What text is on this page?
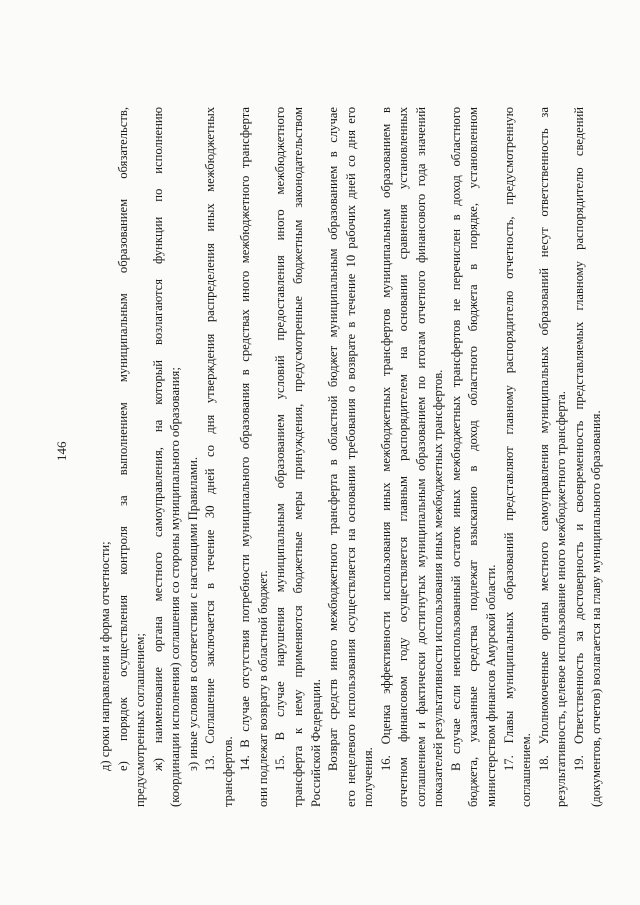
146
д) сроки направления и форма отчетности; е) порядок осуществления контроля за выполнением муниципальным образованием обязательств, предусмотренных соглашением; ж) наименование органа местного самоуправления, на который возлагаются функции по исполнению (координации исполнения) соглашения со стороны муниципального образования; з) иные условия в соответствии с настоящими Правилами. 13. Соглашение заключается в течение 30 дней со дня утверждения распределения иных межбюджетных
трансфертов.
14. В случае отсутствия потребности муниципального образования в средствах иного межбюджетного трансферта они подлежат возврату в областной бюджет. 15. В случае нарушения муниципальным образованием условий предоставления иного межбюджетного трансферта к нему применяются бюджетные меры принуждения, предусмотренные бюджетным законодательством Российской Федерации. Возврат средств иного межбюджетного трансферта в областной бюджет муниципальным образованием в случае его нецелевого использования осуществляется на основании требования о возврате в течение 10 рабочих дней со дня его получения.
16. Оценка эффективности использования иных межбюджетных трансфертов муниципальным образованием в отчетном финансовом году осуществляется главным распорядителем на основании сравнения установленных соглашением и фактически достигнутых муниципальным образованием по итогам отчетного финансового года значений показателей результативности использования иных межбюджетных трансфертов. В случае если неиспользованный остаток иных межбюджетных трансфертов не перечислен в доход областного бюджета, указанные средства подлежат взысканию в доход областного бюджета в порядке, установленном министерством финансов Амурской области. 17. Главы муниципальных образований представляют главному распорядителю отчетность, предусмотренную соглашением. 18. Уполномоченные органы местного самоуправления муниципальных образований несут ответственность за результативность, целевое использование иного межбюджетного трансферта. 19. Ответственность за достоверность и своевременность представляемых главному распорядителю сведений (документов, отчетов) возлагается на главу муниципального образования.
